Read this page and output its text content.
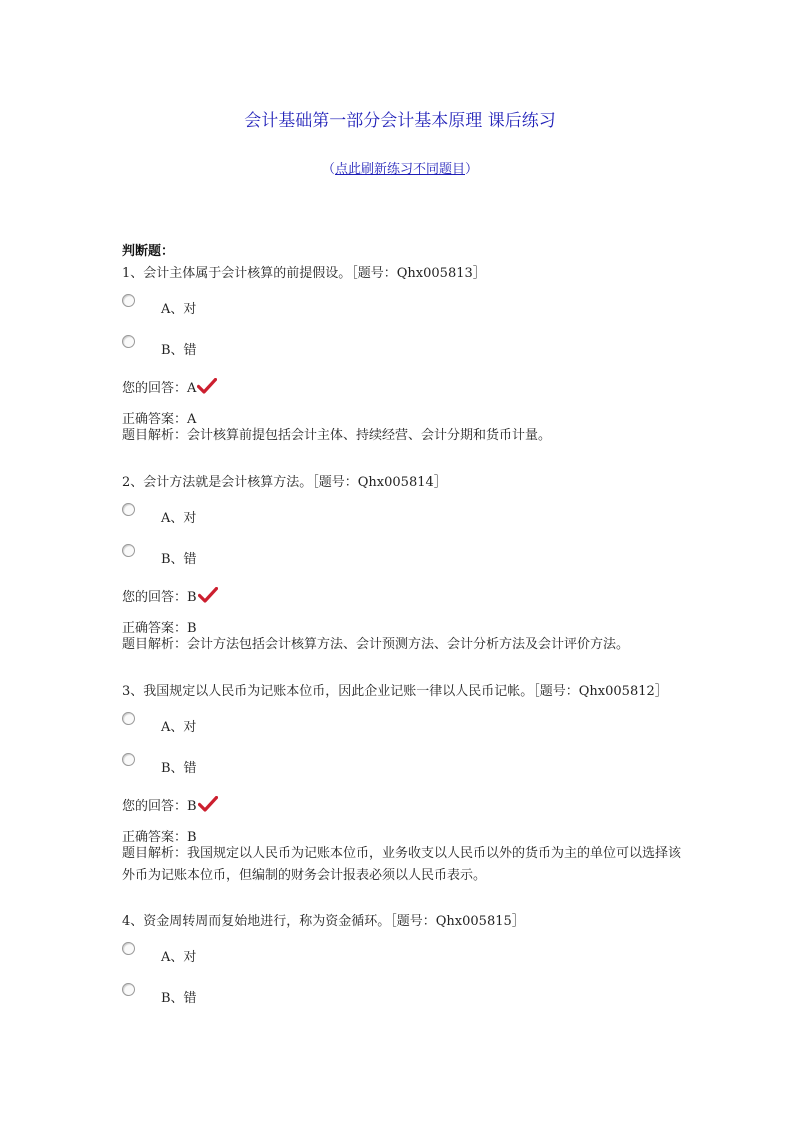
会计基础第一部分会计基本原理 课后练习
（点此刷新练习不同题目）
判断题：
1、会计主体属于会计核算的前提假设。［题号：Qhx005813］
A、对
B、错
您的回答：A
正确答案：A
题目解析：会计核算前提包括会计主体、持续经营、会计分期和货币计量。
2、会计方法就是会计核算方法。［题号：Qhx005814］
A、对
B、错
您的回答：B
正确答案：B
题目解析：会计方法包括会计核算方法、会计预测方法、会计分析方法及会计评价方法。
3、我国规定以人民币为记账本位币，因此企业记账一律以人民币记帐。［题号：Qhx005812］
A、对
B、错
您的回答：B
正确答案：B
题目解析：我国规定以人民币为记账本位币，业务收支以人民币以外的货币为主的单位可以选择该外币为记账本位币，但编制的财务会计报表必须以人民币表示。
4、资金周转周而复始地进行，称为资金循环。［题号：Qhx005815］
A、对
B、错
